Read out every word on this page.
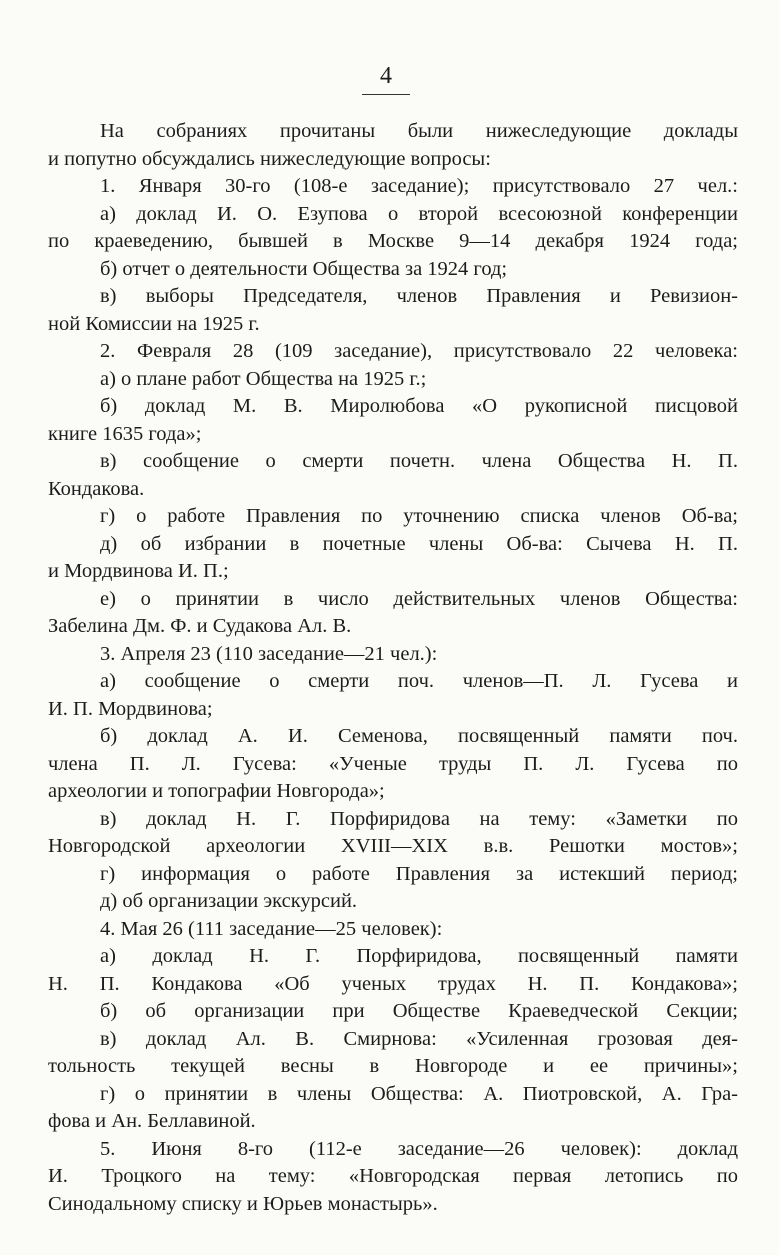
4
На собраниях прочитаны были нижеследующие доклады
и попутно обсуждались нижеследующие вопросы:
1. Января 30-го (108-е заседание); присутствовало 27 чел.:
а) доклад И. О. Езупова о второй всесоюзной конференции
по краеведению, бывшей в Москве 9—14 декабря 1924 года;
б) отчет о деятельности Общества за 1924 год;
в) выборы Председателя, членов Правления и Ревизион-
ной Комиссии на 1925 г.
2. Февраля 28 (109 заседание), присутствовало 22 человека:
а) о плане работ Общества на 1925 г.;
б) доклад М. В. Миролюбова «О рукописной писцовой
книге 1635 года»;
в) сообщение о смерти почетн. члена Общества Н. П.
Кондакова.
г) о работе Правления по уточнению списка членов Об-ва;
д) об избрании в почетные члены Об-ва: Сычева Н. П.
и Мордвинова И. П.;
е) о принятии в число действительных членов Общества:
Забелина Дм. Ф. и Судакова Ал. В.
3. Апреля 23 (110 заседание—21 чел.):
а) сообщение о смерти поч. членов—П. Л. Гусева и
И. П. Мордвинова;
б) доклад А. И. Семенова, посвященный памяти поч.
члена П. Л. Гусева: «Ученые труды П. Л. Гусева по
археологии и топографии Новгорода»;
в) доклад Н. Г. Порфиридова на тему: «Заметки по
Новгородской археологии XVIII—XIX в.в. Решотки мостов»;
г) информация о работе Правления за истекший период;
д) об организации экскурсий.
4. Мая 26 (111 заседание—25 человек):
а) доклад Н. Г. Порфиридова, посвященный памяти
Н. П. Кондакова «Об ученых трудах Н. П. Кондакова»;
б) об организации при Обществе Краеведческой Секции;
в) доклад Ал. В. Смирнова: «Усиленная грозовая дея-
тольность текущей весны в Новгороде и ее причины»;
г) о принятии в члены Общества: А. Пиотровской, А. Гра-
фова и Ан. Беллавиной.
5. Июня 8-го (112-е заседание—26 человек): доклад
И. Троцкого на тему: «Новгородская первая летопись по
Синодальному списку и Юрьев монастырь».
